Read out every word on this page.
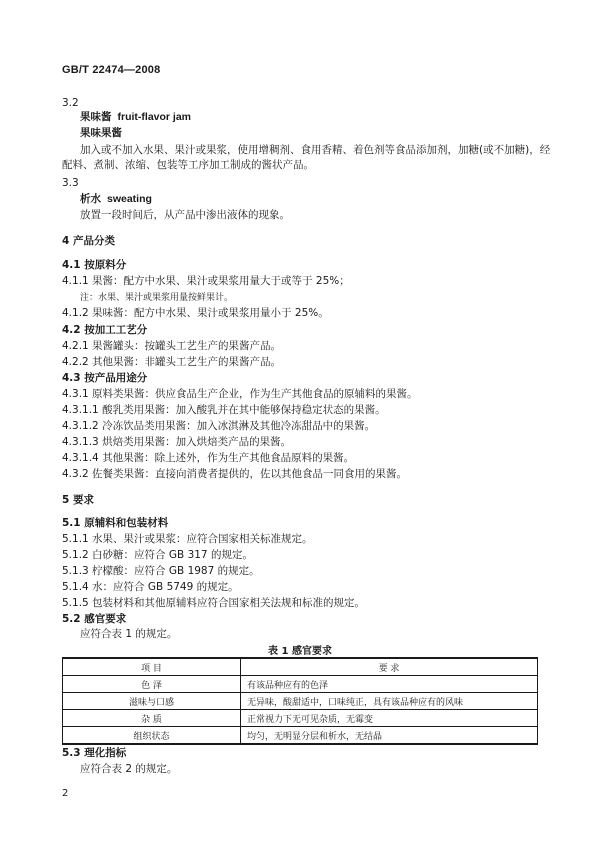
GB/T 22474—2008
3.2
果味酱 fruit-flavor jam
果味果酱
加入或不加入水果、果汁或果浆，使用增稠剂、食用香精、着色剂等食品添加剂，加糖(或不加糖)，经
配料、煮制、浓缩、包装等工序加工制成的酱状产品。
3.3
析水 sweating
放置一段时间后，从产品中渗出液体的现象。
4 产品分类
4.1 按原料分
4.1.1 果酱：配方中水果、果汁或果浆用量大于或等于 25%；
注：水果、果汁或果浆用量按鲜果计。
4.1.2 果味酱：配方中水果、果汁或果浆用量小于 25%。
4.2 按加工工艺分
4.2.1 果酱罐头：按罐头工艺生产的果酱产品。
4.2.2 其他果酱：非罐头工艺生产的果酱产品。
4.3 按产品用途分
4.3.1 原料类果酱：供应食品生产企业，作为生产其他食品的原辅料的果酱。
4.3.1.1 酸乳类用果酱：加入酸乳并在其中能够保持稳定状态的果酱。
4.3.1.2 冷冻饮品类用果酱：加入冰淇淋及其他冷冻甜品中的果酱。
4.3.1.3 烘焙类用果酱：加入烘焙类产品的果酱。
4.3.1.4 其他果酱：除上述外，作为生产其他食品原料的果酱。
4.3.2 佐餐类果酱：直接向消费者提供的，佐以其他食品一同食用的果酱。
5 要求
5.1 原辅料和包装材料
5.1.1 水果、果汁或果浆：应符合国家相关标准规定。
5.1.2 白砂糖：应符合 GB 317 的规定。
5.1.3 柠檬酸：应符合 GB 1987 的规定。
5.1.4 水：应符合 GB 5749 的规定。
5.1.5 包装材料和其他原辅料应符合国家相关法规和标准的规定。
5.2 感官要求
应符合表 1 的规定。
表 1 感官要求
项 目	要 求
色 泽	有该品种应有的色泽
滋味与口感	无异味，酸甜适中，口味纯正，具有该品种应有的风味
杂 质	正常视力下无可见杂质，无霉变
组织状态	均匀，无明显分层和析水，无结晶
5.3 理化指标
应符合表 2 的规定。
2
